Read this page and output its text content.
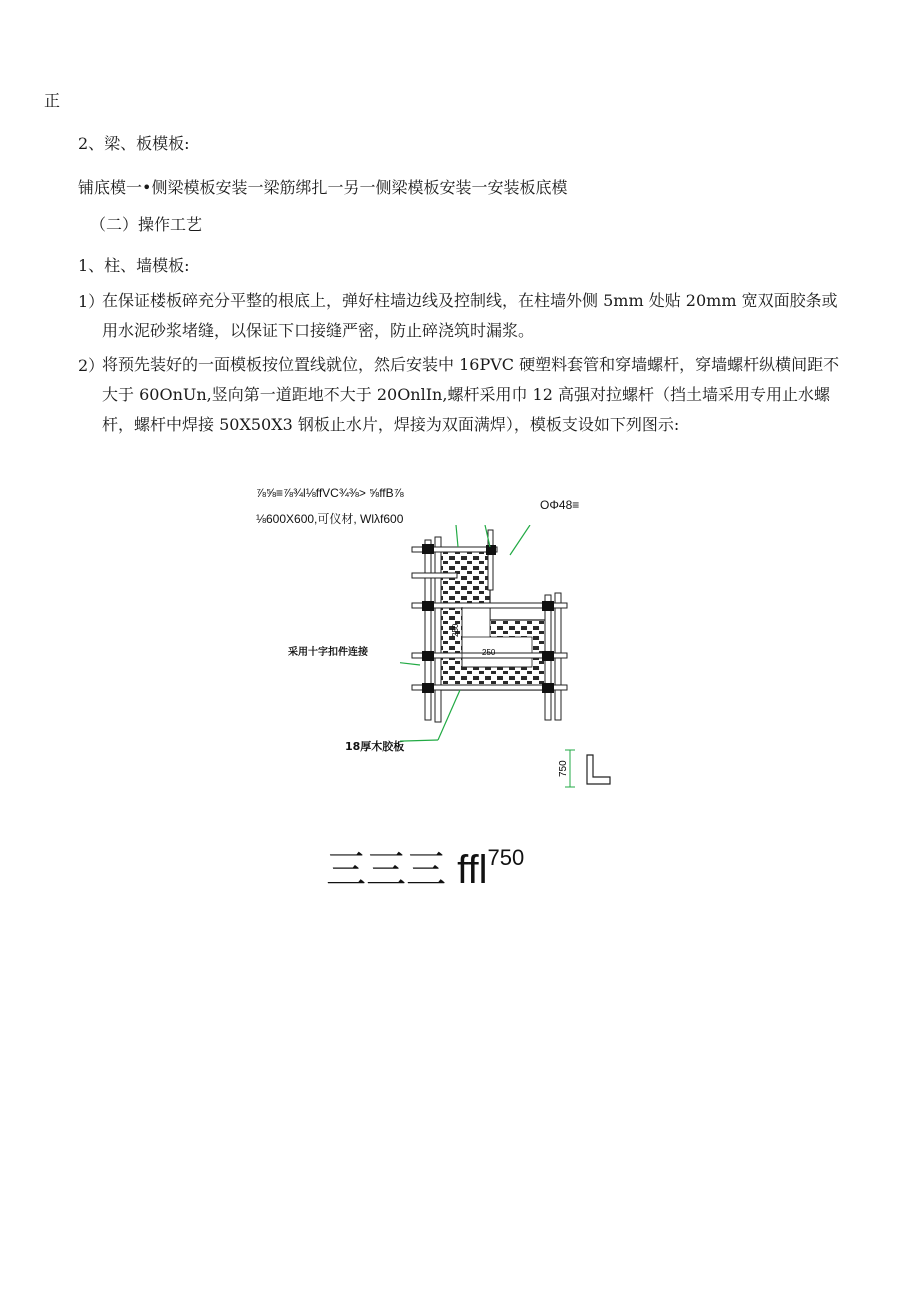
正
2、梁、板模板:
铺底模一•侧梁模板安装一梁筋绑扎一另一侧梁模板安装一安装板底模
（二）操作工艺
1、柱、墙模板:
1）
在保证楼板碎充分平整的根底上，弹好柱墙边线及控制线，在柱墙外侧 5mm 处贴 20mm 宽双面胶条或用水泥砂浆堵缝，以保证下口接缝严密，防止碎浇筑时漏浆。
2）
将预先装好的一面模板按位置线就位，然后安装中 16PVC 硬塑料套管和穿墙螺杆，穿墙螺杆纵横间距不大于 60OnUn,竖向第一道距地不大于 20OnlIn,螺杆采用巾 12 高强对拉螺杆（挡土墙采用专用止水螺杆，螺杆中焊接 50X50X3 钢板止水片，焊接为双面满焊），模板支设如下列图示:
⅞⅝≡⅞¾l⅛ffVC¾⅜> ⅝ffB⅞
⅛600X600,可仪材, Wlλf600
OΦ48≡
采用十字扣件连接
18厚木胶板
250
250
750
三三三 ffl$^{750}$
